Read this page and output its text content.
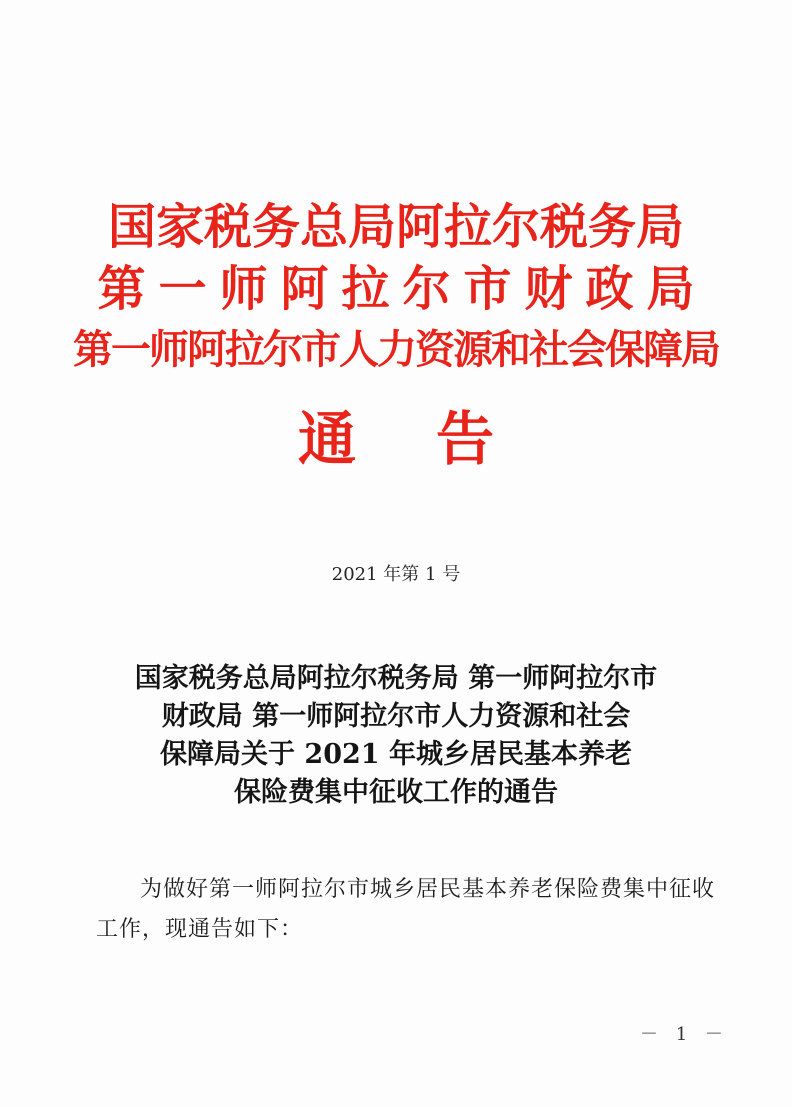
国家税务总局阿拉尔税务局
第一师阿拉尔市财政局
第一师阿拉尔市人力资源和社会保障局
通 告
2021 年第 1 号
国家税务总局阿拉尔税务局 第一师阿拉尔市
财政局 第一师阿拉尔市人力资源和社会
保障局关于 2021 年城乡居民基本养老
保险费集中征收工作的通告
为做好第一师阿拉尔市城乡居民基本养老保险费集中征收
工作，现通告如下：
－ 1 －
